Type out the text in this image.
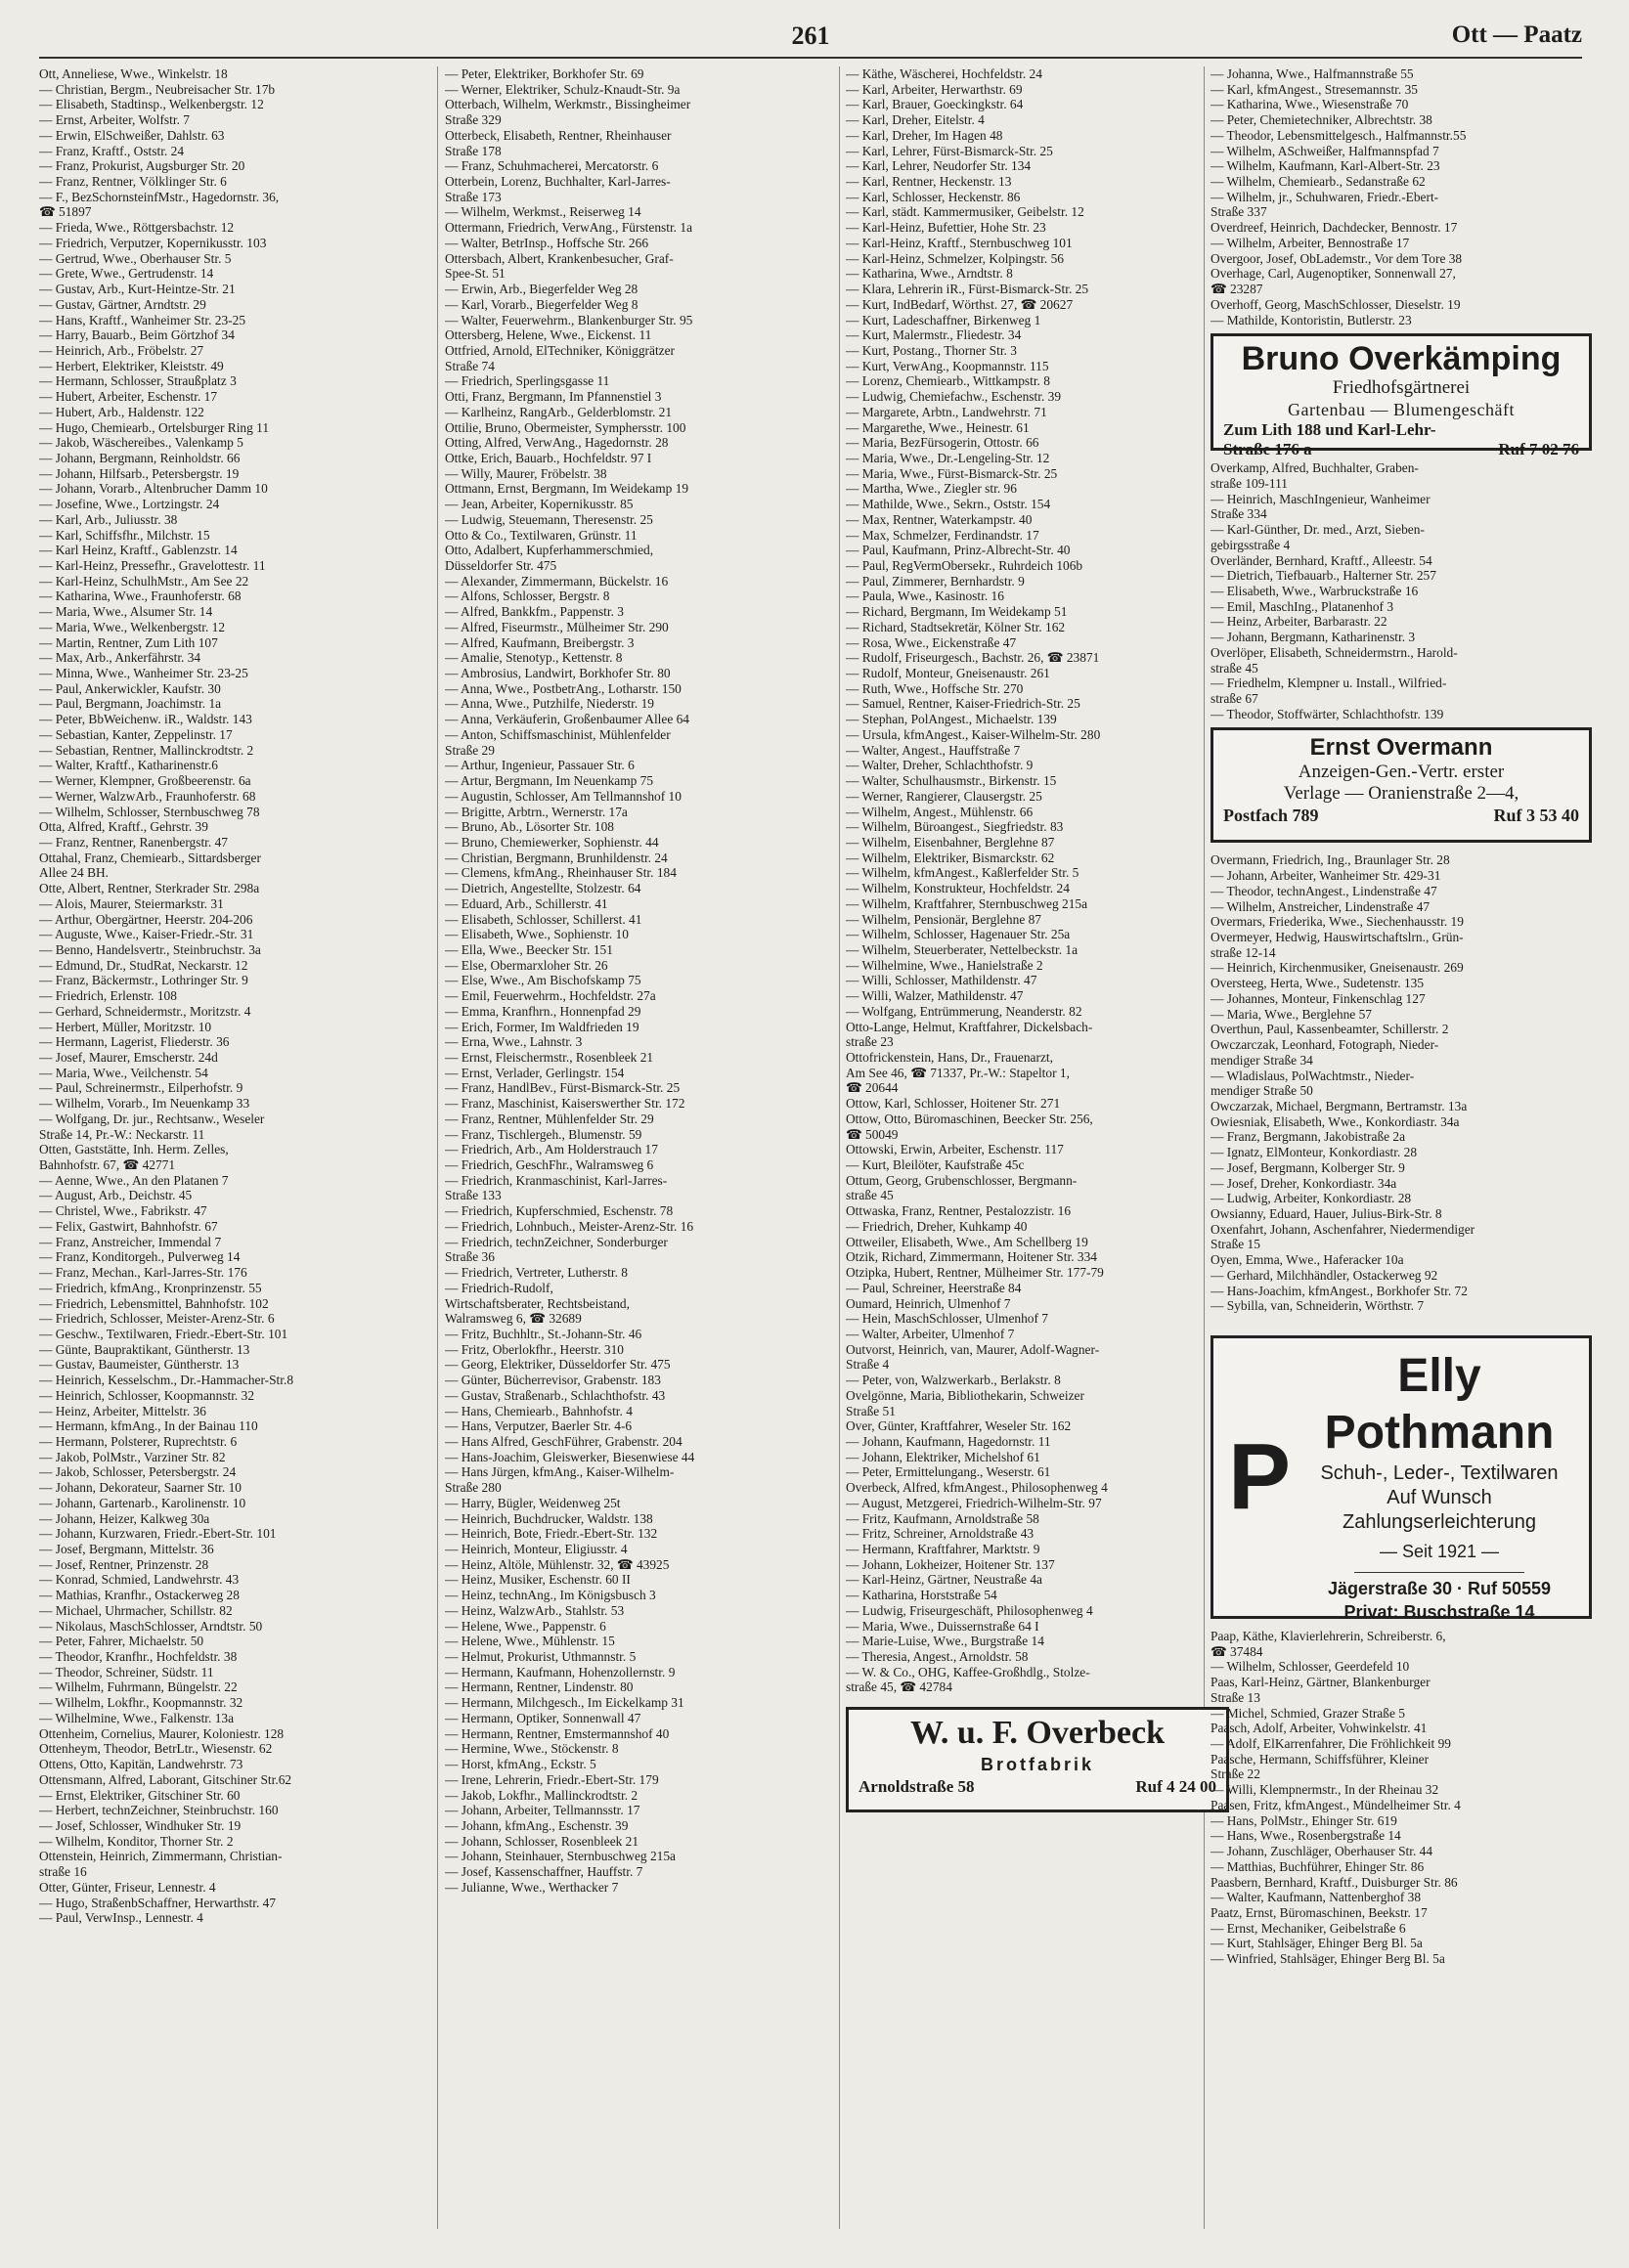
261	Ott — Paatz
Ott, Anneliese, Wwe., Winkelstr. 18
— Christian, Bergm., Neubreisacher Str. 17b
— Elisabeth, Stadtinsp., Welkenbergstr. 12
— Ernst, Arbeiter, Wolfstr. 7
— Erwin, ElSchweißer, Dahlstr. 63
— Franz, Kraftf., Oststr. 24
— Franz, Prokurist, Augsburger Str. 20
— Franz, Rentner, Völklinger Str. 6
— F., BezSchornsteinfMstr., Hagedornstr. 36,
☎ 51897
— Frieda, Wwe., Röttgersbachstr. 12
— Friedrich, Verputzer, Kopernikusstr. 103
— Gertrud, Wwe., Oberhauser Str. 5
— Grete, Wwe., Gertrudenstr. 14
— Gustav, Arb., Kurt-Heintze-Str. 21
— Gustav, Gärtner, Arndtstr. 29
— Hans, Kraftf., Wanheimer Str. 23-25
— Harry, Bauarb., Beim Görtzhof 34
— Heinrich, Arb., Fröbelstr. 27
— Herbert, Elektriker, Kleiststr. 49
— Hermann, Schlosser, Straußplatz 3
— Hubert, Arbeiter, Eschenstr. 17
— Hubert, Arb., Haldenstr. 122
— Hugo, Chemiearb., Ortelsburger Ring 11
— Jakob, Wäschereibes., Valenkamp 5
— Johann, Bergmann, Reinholdstr. 66
— Johann, Hilfsarb., Petersbergstr. 19
— Johann, Vorarb., Altenbrucher Damm 10
— Josefine, Wwe., Lortzingstr. 24
— Karl, Arb., Juliusstr. 38
— Karl, Schiffsfhr., Milchstr. 15
— Karl Heinz, Kraftf., Gablenzstr. 14
— Karl-Heinz, Pressefhr., Gravelottestr. 11
— Karl-Heinz, SchulhMstr., Am See 22
— Katharina, Wwe., Fraunhoferstr. 68
— Maria, Wwe., Alsumer Str. 14
— Maria, Wwe., Welkenbergstr. 12
— Martin, Rentner, Zum Lith 107
— Max, Arb., Ankerfährstr. 34
— Minna, Wwe., Wanheimer Str. 23-25
— Paul, Ankerwickler, Kaufstr. 30
— Paul, Bergmann, Joachimstr. 1a
— Peter, BbWeichenw. iR., Waldstr. 143
— Sebastian, Kanter, Zeppelinstr. 17
— Sebastian, Rentner, Mallinckrodtstr. 2
— Walter, Kraftf., Katharinenstr.6
— Werner, Klempner, Großbeerenstr. 6a
— Werner, WalzwArb., Fraunhoferstr. 68
— Wilhelm, Schlosser, Sternbuschweg 78
Otta, Alfred, Kraftf., Gehrstr. 39
— Franz, Rentner, Ranenbergstr. 47
Ottahal, Franz, Chemiearb., Sittardsberger
Allee 24 BH.
Otte, Albert, Rentner, Sterkrader Str. 298a
— Alois, Maurer, Steiermarkstr. 31
— Arthur, Obergärtner, Heerstr. 204-206
— Auguste, Wwe., Kaiser-Friedr.-Str. 31
— Benno, Handelsvertr., Steinbruchstr. 3a
— Edmund, Dr., StudRat, Neckarstr. 12
— Franz, Bäckermstr., Lothringer Str. 9
— Friedrich, Erlenstr. 108
— Gerhard, Schneidermstr., Moritzstr. 4
— Herbert, Müller, Moritzstr. 10
— Hermann, Lagerist, Fliederstr. 36
— Josef, Maurer, Emscherstr. 24d
— Maria, Wwe., Veilchenstr. 54
— Paul, Schreinermstr., Eilperhofstr. 9
— Wilhelm, Vorarb., Im Neuenkamp 33
— Wolfgang, Dr. jur., Rechtsanw., Weseler
Straße 14, Pr.-W.: Neckarstr. 11
Otten, Gaststätte, Inh. Herm. Zelles,
Bahnhofstr. 67, ☎ 42771
— Aenne, Wwe., An den Platanen 7
— August, Arb., Deichstr. 45
— Christel, Wwe., Fabrikstr. 47
— Felix, Gastwirt, Bahnhofstr. 67
— Franz, Anstreicher, Immendal 7
— Franz, Konditorgeh., Pulverweg 14
— Franz, Mechan., Karl-Jarres-Str. 176
— Friedrich, kfmAng., Kronprinzenstr. 55
— Friedrich, Lebensmittel, Bahnhofstr. 102
— Friedrich, Schlosser, Meister-Arenz-Str. 6
— Geschw., Textilwaren, Friedr.-Ebert-Str. 101
— Günte, Baupraktikant, Güntherstr. 13
— Gustav, Baumeister, Güntherstr. 13
— Heinrich, Kesselschm., Dr.-Hammacher-Str.8
— Heinrich, Schlosser, Koopmannstr. 32
— Heinz, Arbeiter, Mittelstr. 36
— Hermann, kfmAng., In der Bainau 110
— Hermann, Polsterer, Ruprechtstr. 6
— Jakob, PolMstr., Varziner Str. 82
— Jakob, Schlosser, Petersbergstr. 24
— Johann, Dekorateur, Saarner Str. 10
— Johann, Gartenarb., Karolinenstr. 10
— Johann, Heizer, Kalkweg 30a
— Johann, Kurzwaren, Friedr.-Ebert-Str. 101
— Josef, Bergmann, Mittelstr. 36
— Josef, Rentner, Prinzenstr. 28
— Konrad, Schmied, Landwehrstr. 43
— Mathias, Kranfhr., Ostackerweg 28
— Michael, Uhrmacher, Schillstr. 82
— Nikolaus, MaschSchlosser, Arndtstr. 50
— Peter, Fahrer, Michaelstr. 50
— Theodor, Kranfhr., Hochfeldstr. 38
— Theodor, Schreiner, Südstr. 11
— Wilhelm, Fuhrmann, Büngelstr. 22
— Wilhelm, Lokfhr., Koopmannstr. 32
— Wilhelmine, Wwe., Falkenstr. 13a
Ottenheim, Cornelius, Maurer, Koloniestr. 128
Ottenheym, Theodor, BetrLtr., Wiesenstr. 62
Ottens, Otto, Kapitän, Landwehrstr. 73
Ottensmann, Alfred, Laborant, Gitschiner Str.62
— Ernst, Elektriker, Gitschiner Str. 60
— Herbert, technZeichner, Steinbruchstr. 160
— Josef, Schlosser, Windhuker Str. 19
— Wilhelm, Konditor, Thorner Str. 2
Ottenstein, Heinrich, Zimmermann, Christian-
straße 16
Otter, Günter, Friseur, Lennestr. 4
— Hugo, StraßenbSchaffner, Herwarthstr. 47
— Paul, VerwInsp., Lennestr. 4
— Peter, Elektriker, Borkhofer Str. 69
— Werner, Elektriker, Schulz-Knaudt-Str. 9a
Otterbach, Wilhelm, Werkmstr., Bissingheimer
Straße 329
Otterbeck, Elisabeth, Rentner, Rheinhauser
Straße 178
— Franz, Schuhmacherei, Mercatorstr. 6
Otterbein, Lorenz, Buchhalter, Karl-Jarres-
Straße 173
— Wilhelm, Werkmst., Reiserweg 14
Ottermann, Friedrich, VerwAng., Fürstenstr. 1a
— Walter, BetrInsp., Hoffsche Str. 266
Ottersbach, Albert, Krankenbesucher, Graf-
Spee-St. 51
— Erwin, Arb., Biegerfelder Weg 28
— Karl, Vorarb., Biegerfelder Weg 8
— Walter, Feuerwehrm., Blankenburger Str. 95
Ottersberg, Helene, Wwe., Eickenst. 11
Ottfried, Arnold, ElTechniker, Königgrätzer
Straße 74
— Friedrich, Sperlingsgasse 11
Otti, Franz, Bergmann, Im Pfannenstiel 3
— Karlheinz, RangArb., Gelderblomstr. 21
Ottilie, Bruno, Obermeister, Symphersstr. 100
Otting, Alfred, VerwAng., Hagedornstr. 28
Ottke, Erich, Bauarb., Hochfeldstr. 97 I
— Willy, Maurer, Fröbelstr. 38
Ottmann, Ernst, Bergmann, Im Weidekamp 19
— Jean, Arbeiter, Kopernikusstr. 85
— Ludwig, Steuemann, Theresenstr. 25
Otto & Co., Textilwaren, Grünstr. 11
Otto, Adalbert, Kupferhammerschmied,
Düsseldorfer Str. 475
— Alexander, Zimmermann, Bückelstr. 16
— Alfons, Schlosser, Bergstr. 8
— Alfred, Bankkfm., Pappenstr. 3
— Alfred, Fiseurmstr., Mülheimer Str. 290
— Alfred, Kaufmann, Breibergstr. 3
— Amalie, Stenotyp., Kettenstr. 8
— Ambrosius, Landwirt, Borkhofer Str. 80
— Anna, Wwe., PostbetrAng., Lotharstr. 150
— Anna, Wwe., Putzhilfe, Niederstr. 19
— Anna, Verkäuferin, Großenbaumer Allee 64
— Anton, Schiffsmaschinist, Mühlenfelder
Straße 29
— Arthur, Ingenieur, Passauer Str. 6
— Artur, Bergmann, Im Neuenkamp 75
— Augustin, Schlosser, Am Tellmannshof 10
— Brigitte, Arbtrn., Wernerstr. 17a
— Bruno, Ab., Lösorter Str. 108
— Bruno, Chemiewerker, Sophienstr. 44
— Christian, Bergmann, Brunhildenstr. 24
— Clemens, kfmAng., Rheinhauser Str. 184
— Dietrich, Angestellte, Stolzestr. 64
— Eduard, Arb., Schillerstr. 41
— Elisabeth, Schlosser, Schillerst. 41
— Elisabeth, Wwe., Sophienstr. 10
— Ella, Wwe., Beecker Str. 151
— Else, Obermarxloher Str. 26
— Else, Wwe., Am Bischofskamp 75
— Emil, Feuerwehrm., Hochfeldstr. 27a
— Emma, Kranfhrn., Honnenpfad 29
— Erich, Former, Im Waldfrieden 19
— Erna, Wwe., Lahnstr. 3
— Ernst, Fleischermstr., Rosenbleek 21
— Ernst, Verlader, Gerlingstr. 154
— Franz, HandlBev., Fürst-Bismarck-Str. 25
— Franz, Maschinist, Kaiserswerther Str. 172
— Franz, Rentner, Mühlenfelder Str. 29
— Franz, Tischlergeh., Blumenstr. 59
— Friedrich, Arb., Am Holderstrauch 17
— Friedrich, GeschFhr., Walramsweg 6
— Friedrich, Kranmaschinist, Karl-Jarres-
Straße 133
— Friedrich, Kupferschmied, Eschenstr. 78
— Friedrich, Lohnbuch., Meister-Arenz-Str. 16
— Friedrich, technZeichner, Sonderburger
Straße 36
— Friedrich, Vertreter, Lutherstr. 8
— Friedrich-Rudolf,
Wirtschaftsberater, Rechtsbeistand,
Walramsweg 6, ☎ 32689
— Fritz, Buchhltr., St.-Johann-Str. 46
— Fritz, Oberlokfhr., Heerstr. 310
— Georg, Elektriker, Düsseldorfer Str. 475
— Günter, Bücherrevisor, Grabenstr. 183
— Gustav, Straßenarb., Schlachthofstr. 43
— Hans, Chemiearb., Bahnhofstr. 4
— Hans, Verputzer, Baerler Str. 4-6
— Hans Alfred, GeschFührer, Grabenstr. 204
— Hans-Joachim, Gleiswerker, Biesenwiese 44
— Hans Jürgen, kfmAng., Kaiser-Wilhelm-
Straße 280
— Harry, Bügler, Weidenweg 25t
— Heinrich, Buchdrucker, Waldstr. 138
— Heinrich, Bote, Friedr.-Ebert-Str. 132
— Heinrich, Monteur, Eligiusstr. 4
— Heinz, Altöle, Mühlenstr. 32, ☎ 43925
— Heinz, Musiker, Eschenstr. 60 II
— Heinz, technAng., Im Königsbusch 3
— Heinz, WalzwArb., Stahlstr. 53
— Helene, Wwe., Pappenstr. 6
— Helene, Wwe., Mühlenstr. 15
— Helmut, Prokurist, Uthmannstr. 5
— Hermann, Kaufmann, Hohenzollernstr. 9
— Hermann, Rentner, Lindenstr. 80
— Hermann, Milchgesch., Im Eickelkamp 31
— Hermann, Optiker, Sonnenwall 47
— Hermann, Rentner, Emstermannshof 40
— Hermine, Wwe., Stöckenstr. 8
— Horst, kfmAng., Eckstr. 5
— Irene, Lehrerin, Friedr.-Ebert-Str. 179
— Jakob, Lokfhr., Mallinckrodtstr. 2
— Johann, Arbeiter, Tellmannsstr. 17
— Johann, kfmAng., Eschenstr. 39
— Johann, Schlosser, Rosenbleek 21
— Johann, Steinhauer, Sternbuschweg 215a
— Josef, Kassenschaffner, Hauffstr. 7
— Julianne, Wwe., Werthacker 7
— Käthe, Wäscherei, Hochfeldstr. 24
— Karl, Arbeiter, Herwarthstr. 69
— Karl, Brauer, Goeckingkstr. 64
— Karl, Dreher, Eitelstr. 4
— Karl, Dreher, Im Hagen 48
— Karl, Lehrer, Fürst-Bismarck-Str. 25
— Karl, Lehrer, Neudorfer Str. 134
— Karl, Rentner, Heckenstr. 13
— Karl, Schlosser, Heckenstr. 86
— Karl, städt. Kammermusiker, Geibelstr. 12
— Karl-Heinz, Bufettier, Hohe Str. 23
— Karl-Heinz, Kraftf., Sternbuschweg 101
— Karl-Heinz, Schmelzer, Kolpingstr. 56
— Katharina, Wwe., Arndtstr. 8
— Klara, Lehrerin iR., Fürst-Bismarck-Str. 25
— Kurt, IndBedarf, Wörthst. 27, ☎ 20627
— Kurt, Ladeschaffner, Birkenweg 1
— Kurt, Malermstr., Fliedestr. 34
— Kurt, Postang., Thorner Str. 3
— Kurt, VerwAng., Koopmannstr. 115
— Lorenz, Chemiearb., Wittkampstr. 8
— Ludwig, Chemiefachw., Eschenstr. 39
— Margarete, Arbtn., Landwehrstr. 71
— Margarethe, Wwe., Heinestr. 61
— Maria, BezFürsogerin, Ottostr. 66
— Maria, Wwe., Dr.-Lengeling-Str. 12
— Maria, Wwe., Fürst-Bismarck-Str. 25
— Martha, Wwe., Ziegler str. 96
— Mathilde, Wwe., Sekrn., Oststr. 154
— Max, Rentner, Waterkampstr. 40
— Max, Schmelzer, Ferdinandstr. 17
— Paul, Kaufmann, Prinz-Albrecht-Str. 40
— Paul, RegVermObersekr., Ruhrdeich 106b
— Paul, Zimmerer, Bernhardstr. 9
— Paula, Wwe., Kasinostr. 16
— Richard, Bergmann, Im Weidekamp 51
— Richard, Stadtsekretär, Kölner Str. 162
— Rosa, Wwe., Eickenstraße 47
— Rudolf, Friseurgesch., Bachstr. 26, ☎ 23871
— Rudolf, Monteur, Gneisenaustr. 261
— Ruth, Wwe., Hoffsche Str. 270
— Samuel, Rentner, Kaiser-Friedrich-Str. 25
— Stephan, PolAngest., Michaelstr. 139
— Ursula, kfmAngest., Kaiser-Wilhelm-Str. 280
— Walter, Angest., Hauffstraße 7
— Walter, Dreher, Schlachthofstr. 9
— Walter, Schulhausmstr., Birkenstr. 15
— Werner, Rangierer, Clausergstr. 25
— Wilhelm, Angest., Mühlenstr. 66
— Wilhelm, Büroangest., Siegfriedstr. 83
— Wilhelm, Eisenbahner, Berglehne 87
— Wilhelm, Elektriker, Bismarckstr. 62
— Wilhelm, kfmAngest., Kaßlerfelder Str. 5
— Wilhelm, Konstrukteur, Hochfeldstr. 24
— Wilhelm, Kraftfahrer, Sternbuschweg 215a
— Wilhelm, Pensionär, Berglehne 87
— Wilhelm, Schlosser, Hagenauer Str. 25a
— Wilhelm, Steuerberater, Nettelbeckstr. 1a
— Wilhelmine, Wwe., Hanielstraße 2
— Willi, Schlosser, Mathildenstr. 47
— Willi, Walzer, Mathildenstr. 47
— Wolfgang, Entrümmerung, Neanderstr. 82
Otto-Lange, Helmut, Kraftfahrer, Dickelsbach-
straße 23
Ottofrickenstein, Hans, Dr., Frauenarzt,
Am See 46, ☎ 71337, Pr.-W.: Stapeltor 1,
☎ 20644
Ottow, Karl, Schlosser, Hoitener Str. 271
Ottow, Otto, Büromaschinen, Beecker Str. 256,
☎ 50049
Ottowski, Erwin, Arbeiter, Eschenstr. 117
— Kurt, Bleilöter, Kaufstraße 45c
Ottum, Georg, Grubenschlosser, Bergmann-
straße 45
Ottwaska, Franz, Rentner, Pestalozzistr. 16
— Friedrich, Dreher, Kuhkamp 40
Ottweiler, Elisabeth, Wwe., Am Schellberg 19
Otzik, Richard, Zimmermann, Hoitener Str. 334
Otzipka, Hubert, Rentner, Mülheimer Str. 177-79
— Paul, Schreiner, Heerstraße 84
Oumard, Heinrich, Ulmenhof 7
— Hein, MaschSchlosser, Ulmenhof 7
— Walter, Arbeiter, Ulmenhof 7
Outvorst, Heinrich, van, Maurer, Adolf-Wagner-
Straße 4
— Peter, von, Walzwerkarb., Berlakstr. 8
Ovelgönne, Maria, Bibliothekarin, Schweizer
Straße 51
Over, Günter, Kraftfahrer, Weseler Str. 162
— Johann, Kaufmann, Hagedornstr. 11
— Johann, Elektriker, Michelshof 61
— Peter, Ermittelungang., Weserstr. 61
Overbeck, Alfred, kfmAngest., Philosophenweg 4
— August, Metzgerei, Friedrich-Wilhelm-Str. 97
— Fritz, Kaufmann, Arnoldstraße 58
— Fritz, Schreiner, Arnoldstraße 43
— Hermann, Kraftfahrer, Marktstr. 9
— Johann, Lokheizer, Hoitener Str. 137
— Karl-Heinz, Gärtner, Neustraße 4a
— Katharina, Horststraße 54
— Ludwig, Friseurgeschäft, Philosophenweg 4
— Maria, Wwe., Duissernstraße 64 I
— Marie-Luise, Wwe., Burgstraße 14
— Theresia, Angest., Arnoldstr. 58
— W. & Co., OHG, Kaffee-Großhdlg., Stolze-
straße 45, ☎ 42784
W. u. F. Overbeck
Brotfabrik
Arnoldstraße 58	Ruf 4 24 00
— Johanna, Wwe., Halfmannstraße 55
— Karl, kfmAngest., Stresemannstr. 35
— Katharina, Wwe., Wiesenstraße 70
— Peter, Chemietechniker, Albrechtstr. 38
— Theodor, Lebensmittelgesch., Halfmannstr.55
— Wilhelm, ASchweißer, Halfmannspfad 7
— Wilhelm, Kaufmann, Karl-Albert-Str. 23
— Wilhelm, Chemiearb., Sedanstraße 62
— Wilhelm, jr., Schuhwaren, Friedr.-Ebert-
Straße 337
Overdreef, Heinrich, Dachdecker, Bennostr. 17
— Wilhelm, Arbeiter, Bennostraße 17
Overgoor, Josef, ObLademstr., Vor dem Tore 38
Overhage, Carl, Augenoptiker, Sonnenwall 27,
☎ 23287
Overhoff, Georg, MaschSchlosser, Dieselstr. 19
— Mathilde, Kontoristin, Butlerstr. 23
Bruno Overkämping
Friedhofsgärtnerei
Gartenbau — Blumengeschäft
Zum Lith 188 und Karl-Lehr-
Straße 176 a	Ruf 7 02 76
Overkamp, Alfred, Buchhalter, Graben-
straße 109-111
— Heinrich, MaschIngenieur, Wanheimer
Straße 334
— Karl-Günther, Dr. med., Arzt, Sieben-
gebirgsstraße 4
Overländer, Bernhard, Kraftf., Alleestr. 54
— Dietrich, Tiefbauarb., Halterner Str. 257
— Elisabeth, Wwe., Warbruckstraße 16
— Emil, MaschIng., Platanenhof 3
— Heinz, Arbeiter, Barbarastr. 22
— Johann, Bergmann, Katharinenstr. 3
Overlöper, Elisabeth, Schneidermstrn., Harold-
straße 45
— Friedhelm, Klempner u. Install., Wilfried-
straße 67
— Theodor, Stoffwärter, Schlachthofstr. 139
Ernst Overmann
Anzeigen-Gen.-Vertr. erster
Verlage — Oranienstraße 2—4,
Postfach 789	Ruf 3 53 40
Overmann, Friedrich, Ing., Braunlager Str. 28
— Johann, Arbeiter, Wanheimer Str. 429-31
— Theodor, technAngest., Lindenstraße 47
— Wilhelm, Anstreicher, Lindenstraße 47
Overmars, Friederika, Wwe., Siechenhausstr. 19
Overmeyer, Hedwig, Hauswirtschaftslrn., Grün-
straße 12-14
— Heinrich, Kirchenmusiker, Gneisenaustr. 269
Oversteeg, Herta, Wwe., Sudetenstr. 135
— Johannes, Monteur, Finkenschlag 127
— Maria, Wwe., Berglehne 57
Overthun, Paul, Kassenbeamter, Schillerstr. 2
Owczarczak, Leonhard, Fotograph, Nieder-
mendiger Straße 34
— Wladislaus, PolWachtmstr., Nieder-
mendiger Straße 50
Owczarzak, Michael, Bergmann, Bertramstr. 13a
Owiesniak, Elisabeth, Wwe., Konkordiastr. 34a
— Franz, Bergmann, Jakobistraße 2a
— Ignatz, ElMonteur, Konkordiastr. 28
— Josef, Bergmann, Kolberger Str. 9
— Josef, Dreher, Konkordiastr. 34a
— Ludwig, Arbeiter, Konkordiastr. 28
Owsianny, Eduard, Hauer, Julius-Birk-Str. 8
Oxenfahrt, Johann, Aschenfahrer, Niedermendiger
Straße 15
Oyen, Emma, Wwe., Haferacker 10a
— Gerhard, Milchhändler, Ostackerweg 92
— Hans-Joachim, kfmAngest., Borkhofer Str. 72
— Sybilla, van, Schneiderin, Wörthstr. 7
P
Elly Pothmann
Schuh-, Leder-, Textilwaren
Auf Wunsch
Zahlungserleichterung
— Seit 1921 —
Jägerstraße 30 · Ruf 50559
Privat: Buschstraße 14
Paap, Käthe, Klavierlehrerin, Schreiberstr. 6,
☎ 37484
— Wilhelm, Schlosser, Geerdefeld 10
Paas, Karl-Heinz, Gärtner, Blankenburger
Straße 13
— Michel, Schmied, Grazer Straße 5
Paasch, Adolf, Arbeiter, Vohwinkelstr. 41
— Adolf, ElKarrenfahrer, Die Fröhlichkeit 99
Paasche, Hermann, Schiffsführer, Kleiner
Straße 22
— Willi, Klempnermstr., In der Rheinau 32
Paasen, Fritz, kfmAngest., Mündelheimer Str. 4
— Hans, PolMstr., Ehinger Str. 619
— Hans, Wwe., Rosenbergstraße 14
— Johann, Zuschläger, Oberhauser Str. 44
— Matthias, Buchführer, Ehinger Str. 86
Paasbern, Bernhard, Kraftf., Duisburger Str. 86
— Walter, Kaufmann, Nattenberghof 38
Paatz, Ernst, Büromaschinen, Beekstr. 17
— Ernst, Mechaniker, Geibelstraße 6
— Kurt, Stahlsäger, Ehinger Berg Bl. 5a
— Winfried, Stahlsäger, Ehinger Berg Bl. 5a
